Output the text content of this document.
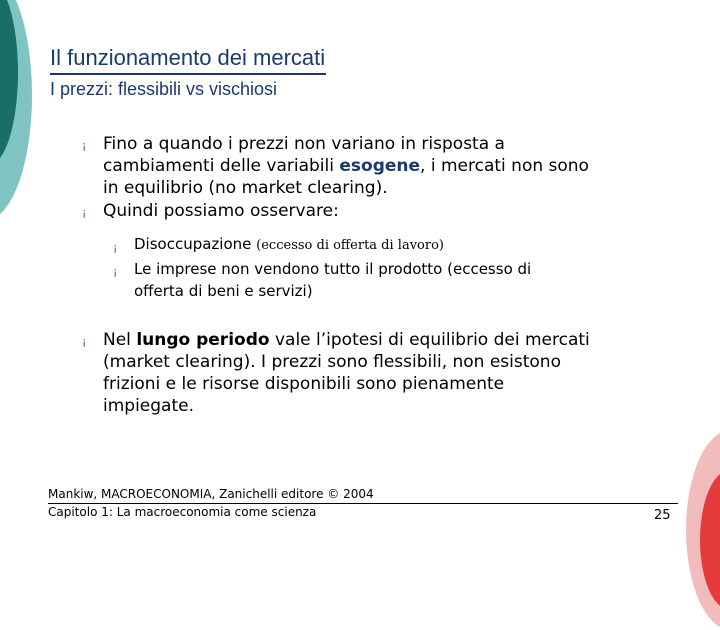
Il funzionamento dei mercati
I prezzi: flessibili vs vischiosi
¡ Fino a quando i prezzi non variano in risposta a
cambiamenti delle variabili esogene, i mercati non sono
in equilibrio (no market clearing).
¡ Quindi possiamo osservare:
¡ Disoccupazione (eccesso di offerta di lavoro)
¡ Le imprese non vendono tutto il prodotto (eccesso di
offerta di beni e servizi)
¡ Nel lungo periodo vale l’ipotesi di equilibrio dei mercati
(market clearing). I prezzi sono flessibili, non esistono
frizioni e le risorse disponibili sono pienamente
impiegate.
Mankiw, MACROECONOMIA, Zanichelli editore © 2004
Capitolo 1: La macroeconomia come scienza	25
